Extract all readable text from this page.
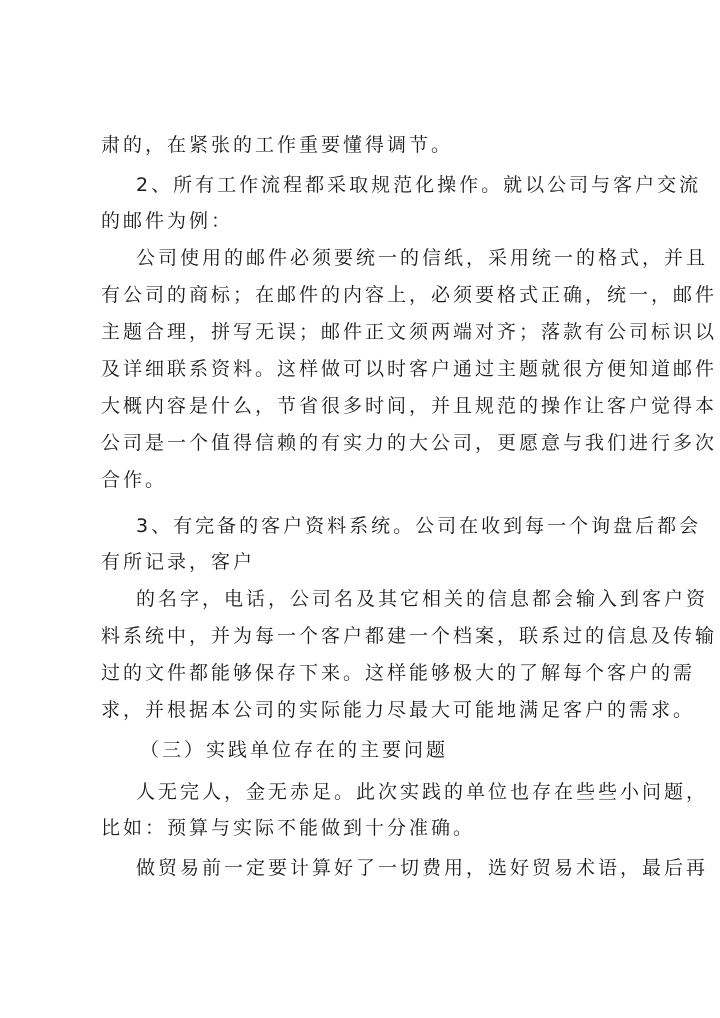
肃的，在紧张的工作重要懂得调节。
2、所有工作流程都采取规范化操作。就以公司与客户交流
的邮件为例：
公司使用的邮件必须要统一的信纸，采用统一的格式，并且
有公司的商标；在邮件的内容上，必须要格式正确，统一，邮件
主题合理，拼写无误；邮件正文须两端对齐；落款有公司标识以
及详细联系资料。这样做可以时客户通过主题就很方便知道邮件
大概内容是什么，节省很多时间，并且规范的操作让客户觉得本
公司是一个值得信赖的有实力的大公司，更愿意与我们进行多次
合作。
3、有完备的客户资料系统。公司在收到每一个询盘后都会
有所记录，客户
的名字，电话，公司名及其它相关的信息都会输入到客户资
料系统中，并为每一个客户都建一个档案，联系过的信息及传输
过的文件都能够保存下来。这样能够极大的了解每个客户的需
求，并根据本公司的实际能力尽最大可能地满足客户的需求。
（三）实践单位存在的主要问题
人无完人，金无赤足。此次实践的单位也存在些些小问题，
比如：预算与实际不能做到十分准确。
做贸易前一定要计算好了一切费用，选好贸易术语，最后再
